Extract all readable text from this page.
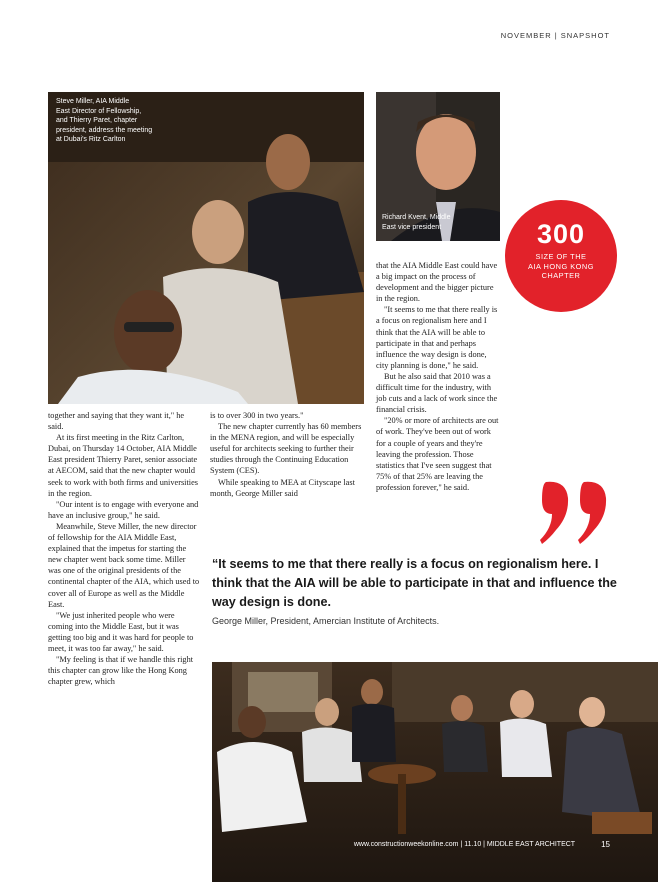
NOVEMBER | SNAPSHOT
Steve Miller, AIA Middle
East Director of Fellowship,
and Thierry Paret, chapter
president, address the meeting
at Dubai's Ritz Carlton
Richard Kvent, Middle
East vice president	300
SIZE OF THE
AIA HONG KONG
CHAPTER

together and saying that they want it," he said.

At its first meeting in the Ritz Carlton, Dubai, on Thursday 14 October, AIA Middle East president Thierry Paret, senior associate at AECOM, said that the new chapter would seek to work with both firms and universities in the region.

"Our intent is to engage with everyone and have an inclusive group," he said.

Meanwhile, Steve Miller, the new director of fellowship for the AIA Middle East, explained that the impetus for starting the new chapter went back some time. Miller was one of the original presidents of the continental chapter of the AIA, which used to cover all of Europe as well as the Middle East.

"We just inherited people who were coming into the Middle East, but it was getting too big and it was hard for people to meet, it was too far away," he said.

"My feeling is that if we handle this right this chapter can grow like the Hong Kong chapter grew, which

is to over 300 in two years."

The new chapter currently has 60 members in the MENA region, and will be especially useful for architects seeking to further their studies through the Continuing Education System (CES).

While speaking to MEA at Cityscape last month, George Miller said

that the AIA Middle East could have a big impact on the process of development and the bigger picture in the region.

"It seems to me that there really is a focus on regionalism here and I think that the AIA will be able to participate in that and perhaps influence the way design is done, city planning is done," he said.

But he also said that 2010 was a difficult time for the industry, with job cuts and a lack of work since the financial crisis.

"20% or more of architects are out of work. They've been out of work for a couple of years and they're leaving the profession. Those statistics that I've seen suggest that 75% of that 25% are leaving the profession forever," he said.

“It seems to me that there really is a focus on regionalism here. I think that the AIA will be able to participate in that and influence the way design is done.
George Miller, President, Amercian Institute of Architects.
www.constructionweekonline.com | 11.10 | MIDDLE EAST ARCHITECT	15
